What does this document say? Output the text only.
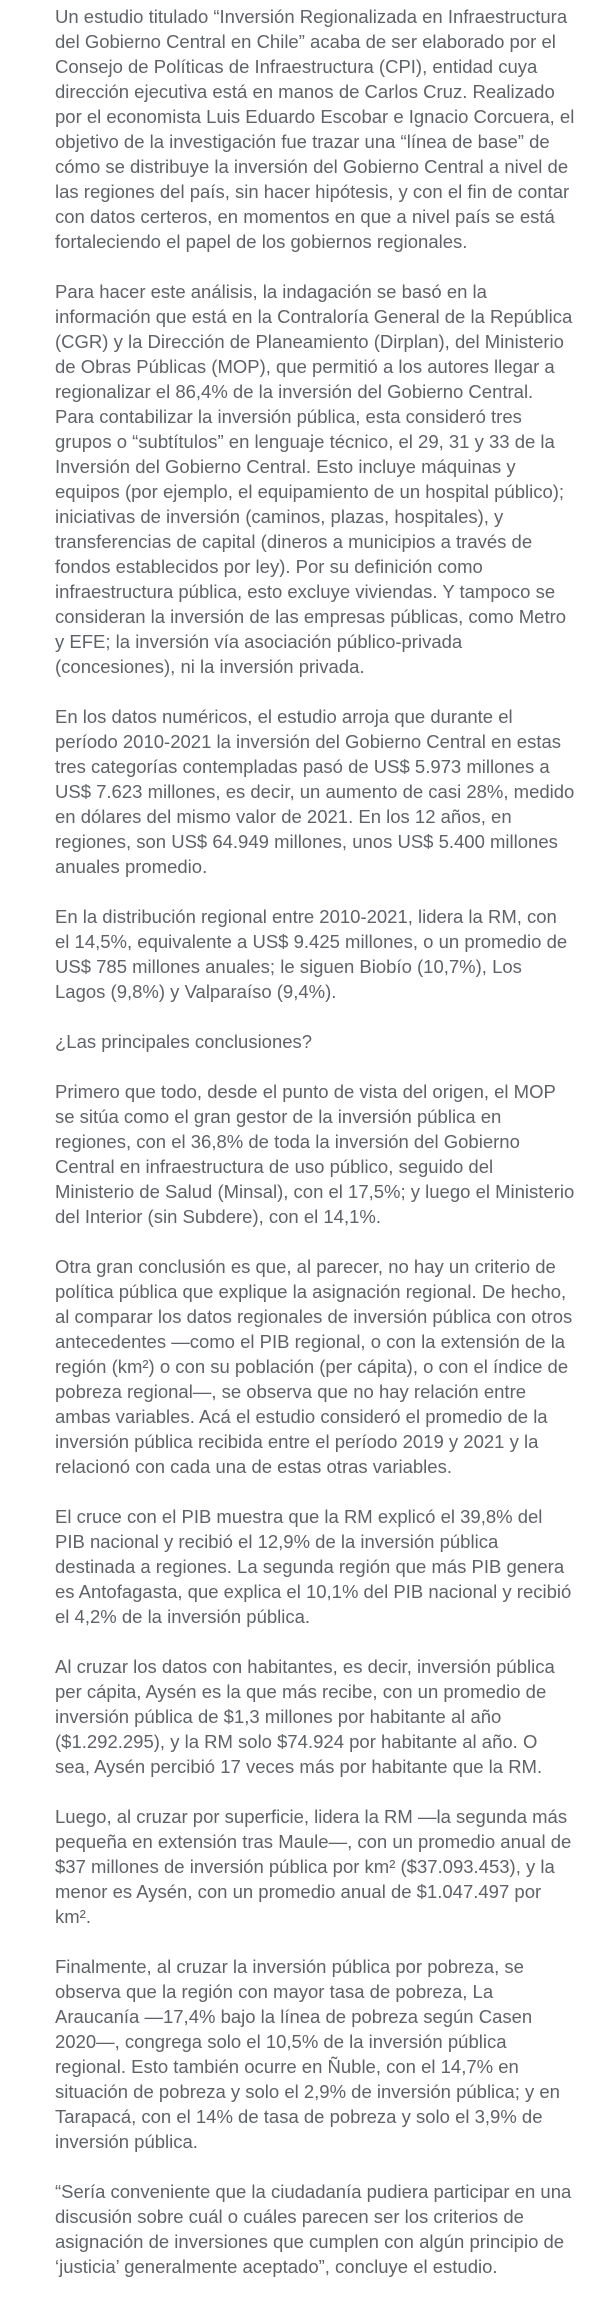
Un estudio titulado “Inversión Regionalizada en Infraestructura del Gobierno Central en Chile” acaba de ser elaborado por el Consejo de Políticas de Infraestructura (CPI), entidad cuya dirección ejecutiva está en manos de Carlos Cruz. Realizado por el economista Luis Eduardo Escobar e Ignacio Corcuera, el objetivo de la investigación fue trazar una “línea de base” de cómo se distribuye la inversión del Gobierno Central a nivel de las regiones del país, sin hacer hipótesis, y con el fin de contar con datos certeros, en momentos en que a nivel país se está fortaleciendo el papel de los gobiernos regionales.

Para hacer este análisis, la indagación se basó en la información que está en la Contraloría General de la República (CGR) y la Dirección de Planeamiento (Dirplan), del Ministerio de Obras Públicas (MOP), que permitió a los autores llegar a regionalizar el 86,4% de la inversión del Gobierno Central. Para contabilizar la inversión pública, esta consideró tres grupos o “subtítulos” en lenguaje técnico, el 29, 31 y 33 de la Inversión del Gobierno Central. Esto incluye máquinas y equipos (por ejemplo, el equipamiento de un hospital público); iniciativas de inversión (caminos, plazas, hospitales), y transferencias de capital (dineros a municipios a través de fondos establecidos por ley). Por su definición como infraestructura pública, esto excluye viviendas. Y tampoco se consideran la inversión de las empresas públicas, como Metro y EFE; la inversión vía asociación público-privada (concesiones), ni la inversión privada.

En los datos numéricos, el estudio arroja que durante el período 2010-2021 la inversión del Gobierno Central en estas tres categorías contempladas pasó de US$ 5.973 millones a US$ 7.623 millones, es decir, un aumento de casi 28%, medido en dólares del mismo valor de 2021. En los 12 años, en regiones, son US$ 64.949 millones, unos US$ 5.400 millones anuales promedio.

En la distribución regional entre 2010-2021, lidera la RM, con el 14,5%, equivalente a US$ 9.425 millones, o un promedio de US$ 785 millones anuales; le siguen Biobío (10,7%), Los Lagos (9,8%) y Valparaíso (9,4%).

¿Las principales conclusiones?

Primero que todo, desde el punto de vista del origen, el MOP se sitúa como el gran gestor de la inversión pública en regiones, con el 36,8% de toda la inversión del Gobierno Central en infraestructura de uso público, seguido del Ministerio de Salud (Minsal), con el 17,5%; y luego el Ministerio del Interior (sin Subdere), con el 14,1%.

Otra gran conclusión es que, al parecer, no hay un criterio de política pública que explique la asignación regional. De hecho, al comparar los datos regionales de inversión pública con otros antecedentes —como el PIB regional, o con la extensión de la región (km²) o con su población (per cápita), o con el índice de pobreza regional—, se observa que no hay relación entre ambas variables. Acá el estudio consideró el promedio de la inversión pública recibida entre el período 2019 y 2021 y la relacionó con cada una de estas otras variables.

El cruce con el PIB muestra que la RM explicó el 39,8% del PIB nacional y recibió el 12,9% de la inversión pública destinada a regiones. La segunda región que más PIB genera es Antofagasta, que explica el 10,1% del PIB nacional y recibió el 4,2% de la inversión pública.

Al cruzar los datos con habitantes, es decir, inversión pública per cápita, Aysén es la que más recibe, con un promedio de inversión pública de $1,3 millones por habitante al año ($1.292.295), y la RM solo $74.924 por habitante al año. O sea, Aysén percibió 17 veces más por habitante que la RM.

Luego, al cruzar por superficie, lidera la RM —la segunda más pequeña en extensión tras Maule—, con un promedio anual de $37 millones de inversión pública por km² ($37.093.453), y la menor es Aysén, con un promedio anual de $1.047.497 por km².

Finalmente, al cruzar la inversión pública por pobreza, se observa que la región con mayor tasa de pobreza, La Araucanía —17,4% bajo la línea de pobreza según Casen 2020—, congrega solo el 10,5% de la inversión pública regional. Esto también ocurre en Ñuble, con el 14,7% en situación de pobreza y solo el 2,9% de inversión pública; y en Tarapacá, con el 14% de tasa de pobreza y solo el 3,9% de inversión pública.

“Sería conveniente que la ciudadanía pudiera participar en una discusión sobre cuál o cuáles parecen ser los criterios de asignación de inversiones que cumplen con algún principio de ‘justicia’ generalmente aceptado”, concluye el estudio.
